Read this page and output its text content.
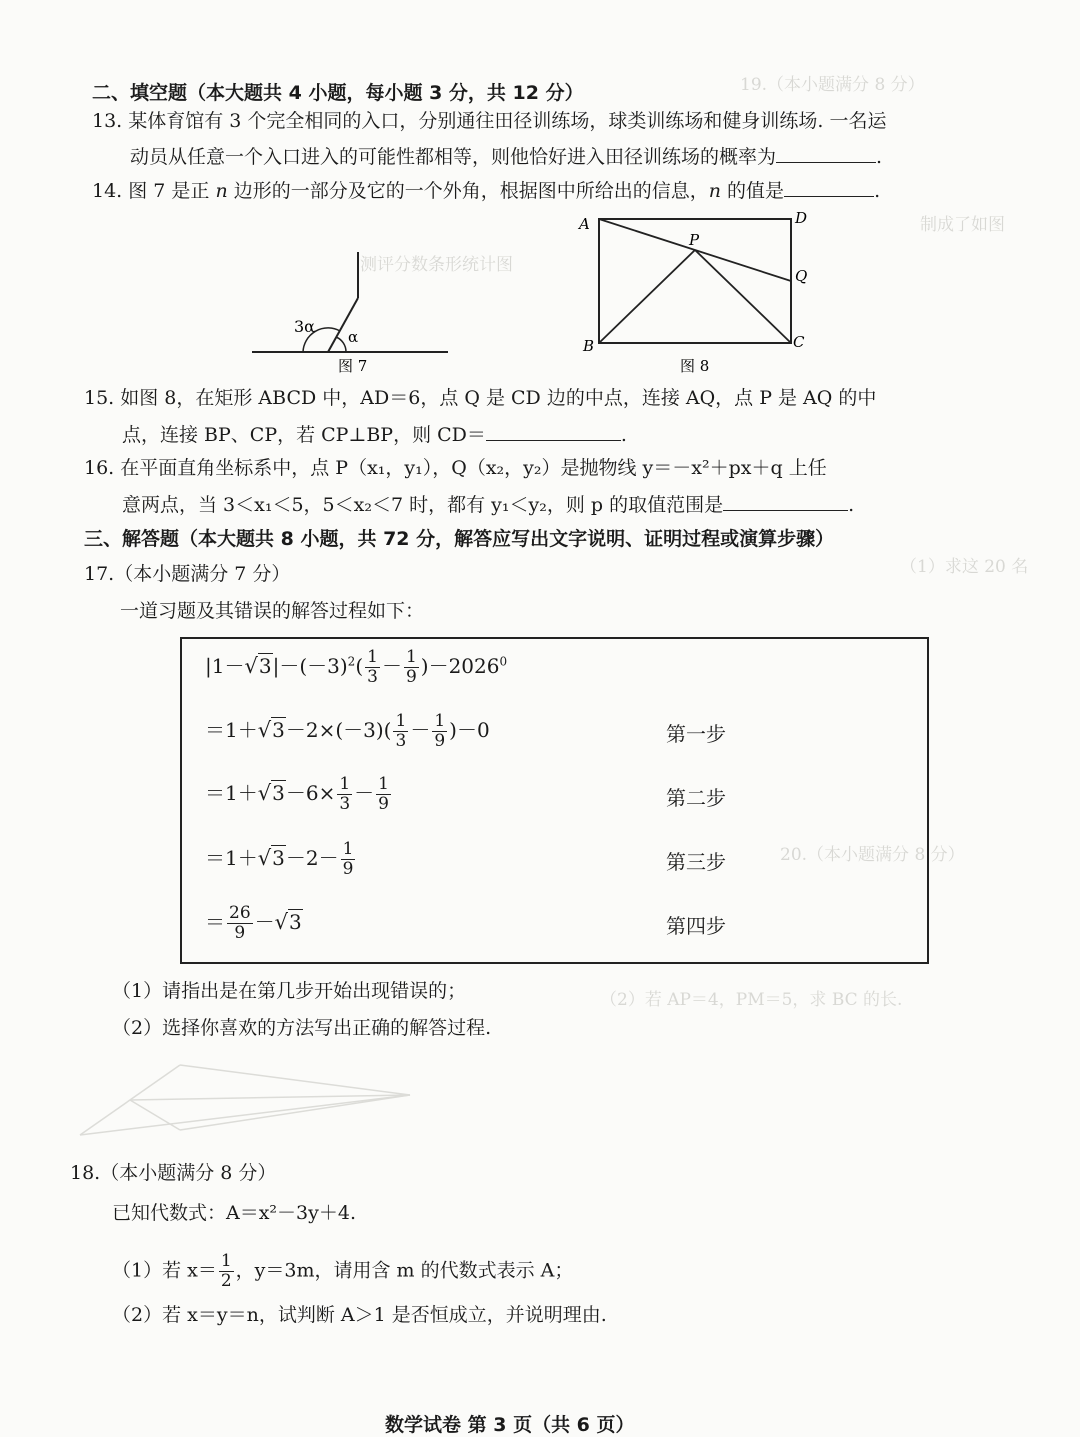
19.（本小题满分 8 分）
制成了如图
测评分数条形统计图
（1）求这 20 名
20.（本小题满分 8 分）
（2）若 AP＝4，PM＝5，求 BC 的长.
二、填空题（本大题共 4 小题，每小题 3 分，共 12 分）
13. 某体育馆有 3 个完全相同的入口，分别通往田径训练场，球类训练场和健身训练场. 一名运
动员从任意一个入口进入的可能性都相等，则他恰好进入田径训练场的概率为	.
14. 图 7 是正 n 边形的一部分及它的一个外角，根据图中所给出的信息，n 的值是	.
3α
α
图 7
A	D
P
Q
B	C
图 8
15. 如图 8，在矩形 ABCD 中，AD＝6，点 Q 是 CD 边的中点，连接 AQ，点 P 是 AQ 的中
点，连接 BP、CP，若 CP⊥BP，则 CD＝	.
16. 在平面直角坐标系中，点 P（x₁，y₁），Q（x₂，y₂）是抛物线 y＝－x²＋px＋q 上任
意两点，当 3＜x₁＜5，5＜x₂＜7 时，都有 y₁＜y₂，则 p 的取值范围是	.
三、解答题（本大题共 8 小题，共 72 分，解答应写出文字说明、证明过程或演算步骤）
17.（本小题满分 7 分）
一道习题及其错误的解答过程如下：
$|1-√3|-(-3)^2( \frac{1}{3} - \frac{1}{9} )-2026^0$
$=1+√3-2\times(-3)( \frac{1}{3} - \frac{1}{9} )-0$	第一步
$=1+√3-6\times \frac{1}{3} - \frac{1}{9}$	第二步
$=1+√3-2- \frac{1}{9}$	第三步
＝ $\frac{26}{9} -√3$	第四步
（1）请指出是在第几步开始出现错误的；
（2）选择你喜欢的方法写出正确的解答过程.
18.（本小题满分 8 分）
已知代数式：A＝x²－3y＋4.
（1）若 $x= \frac{1}{2}$ ，y＝3m，请用含 m 的代数式表示 A；
（2）若 x＝y＝n，试判断 A＞1 是否恒成立，并说明理由.
数学试卷 第 3 页（共 6 页）
